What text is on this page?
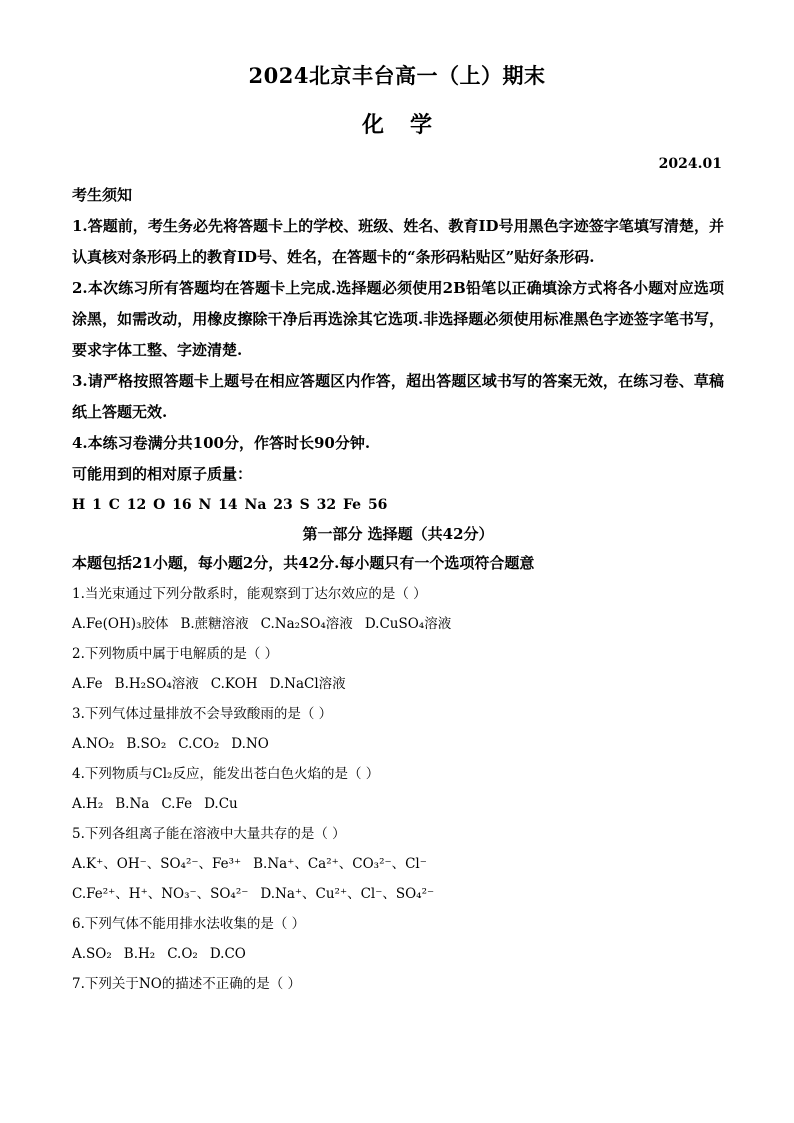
2024北京丰台高一（上）期末
化学
2024.01

考生须知

1.答题前，考生务必先将答题卡上的学校、班级、姓名、教育ID号用黑色字迹签字笔填写清楚，并认真核对条形码上的教育ID号、姓名，在答题卡的“条形码粘贴区”贴好条形码.

2.本次练习所有答题均在答题卡上完成.选择题必须使用2B铅笔以正确填涂方式将各小题对应选项涂黑，如需改动，用橡皮擦除干净后再选涂其它选项.非选择题必须使用标准黑色字迹签字笔书写，要求字体工整、字迹清楚.

3.请严格按照答题卡上题号在相应答题区内作答，超出答题区域书写的答案无效，在练习卷、草稿纸上答题无效.

4.本练习卷满分共100分，作答时长90分钟.

可能用到的相对原子质量：

H 1 C 12 O 16 N 14 Na 23 S 32 Fe 56

第一部分 选择题（共42分）

本题包括21小题，每小题2分，共42分.每小题只有一个选项符合题意

1.当光束通过下列分散系时，能观察到丁达尔效应的是（ ）

A.Fe(OH)₃胶体 B.蔗糖溶液 C.Na₂SO₄溶液 D.CuSO₄溶液

2.下列物质中属于电解质的是（ ）

A.Fe B.H₂SO₄溶液 C.KOH D.NaCl溶液

3.下列气体过量排放不会导致酸雨的是（ ）

A.NO₂ B.SO₂ C.CO₂ D.NO

4.下列物质与Cl₂反应，能发出苍白色火焰的是（ ）

A.H₂ B.Na C.Fe D.Cu

5.下列各组离子能在溶液中大量共存的是（ ）

A.K⁺、OH⁻、SO₄²⁻、Fe³⁺ B.Na⁺、Ca²⁺、CO₃²⁻、Cl⁻

C.Fe²⁺、H⁺、NO₃⁻、SO₄²⁻ D.Na⁺、Cu²⁺、Cl⁻、SO₄²⁻

6.下列气体不能用排水法收集的是（ ）

A.SO₂ B.H₂ C.O₂ D.CO

7.下列关于NO的描述不正确的是（ ）
